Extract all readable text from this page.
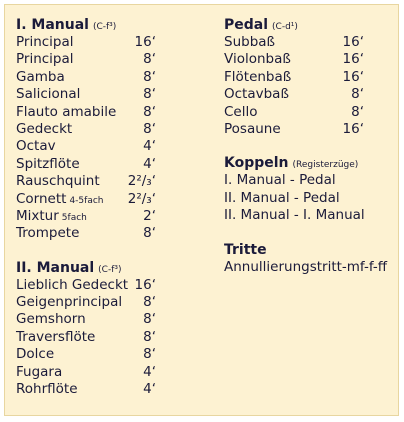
I. Manual (C-f³)
Principal	16‘
Principal	8‘
Gamba	8‘
Salicional	8‘
Flauto amabile 8‘
Gedeckt	8‘
Octav	4‘
Spitzflöte	4‘
Rauschquint 2²/₃‘
Cornett 4-5fach 2²/₃‘
Mixtur 5fach	2‘
Trompete	8‘
II. Manual (C-f³)
Lieblich Gedeckt 16‘
Geigenprincipal 8‘
Gemshorn	8‘
Traversflöte	8‘
Dolce	8‘
Fugara	4‘
Rohrflöte	4‘
Pedal (C-d¹)
Subbaß	16‘
Violonbaß	16‘
Flötenbaß	16‘
Octavbaß	8‘
Cello	8‘
Posaune	16‘
Koppeln (Registerzüge)
I. Manual - Pedal
II. Manual - Pedal
II. Manual - I. Manual
Tritte
Annullierungstritt-mf-f-ff
